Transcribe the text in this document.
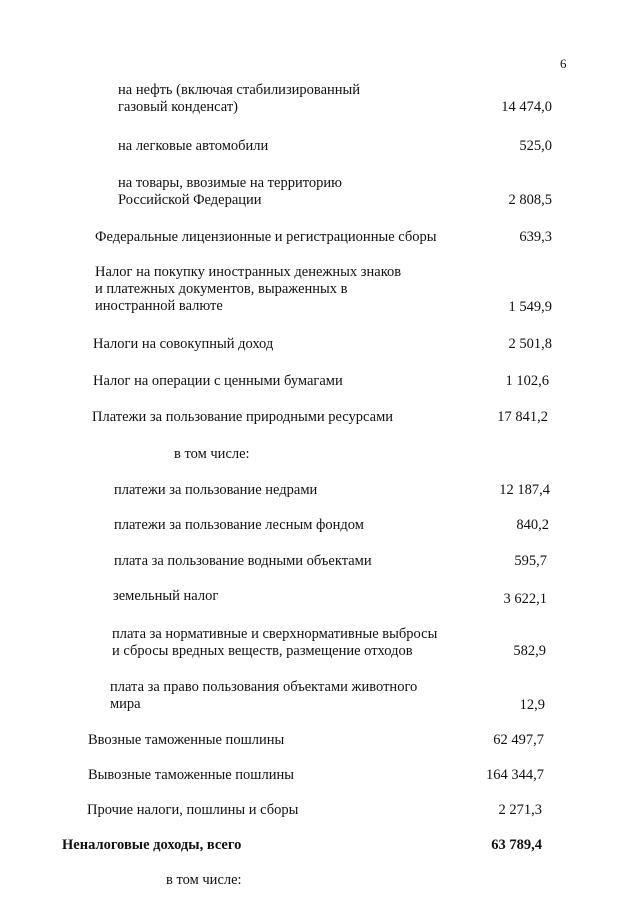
6
на нефть (включая стабилизированный
газовый конденсат)	14 474,0
на легковые автомобили	525,0
на товары, ввозимые на территорию
Российской Федерации	2 808,5
Федеральные лицензионные и регистрационные сборы	639,3
Налог на покупку иностранных денежных знаков
и платежных документов, выраженных в
иностранной валюте	1 549,9
Налоги на совокупный доход	2 501,8
Налог на операции с ценными бумагами	1 102,6
Платежи за пользование природными ресурсами	17 841,2
в том числе:
платежи за пользование недрами	12 187,4
платежи за пользование лесным фондом	840,2
плата за пользование водными объектами	595,7
земельный налог	3 622,1
плата за нормативные и сверхнормативные выбросы
и сбросы вредных веществ, размещение отходов	582,9
плата за право пользования объектами животного
мира	12,9
Ввозные таможенные пошлины	62 497,7
Вывозные таможенные пошлины	164 344,7
Прочие налоги, пошлины и сборы	2 271,3
Неналоговые доходы, всего	63 789,4
в том числе:
